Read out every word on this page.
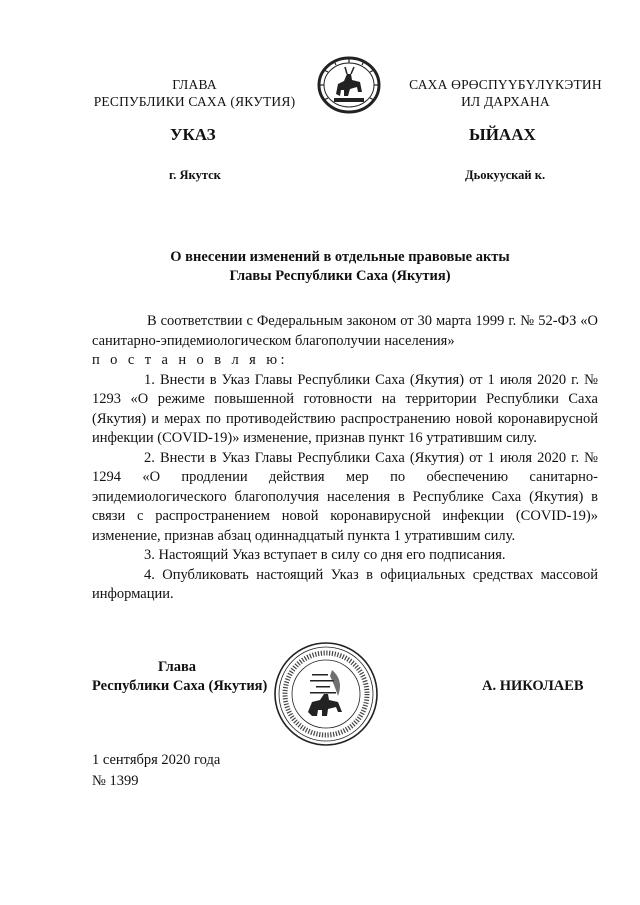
ГЛАВА
РЕСПУБЛИКИ САХА (ЯКУТИЯ)
САХА ӨРӨСПҮҮБҮЛҮКЭТИН
ИЛ ДАРХАНА
УКАЗ	ЫЙААХ
г. Якутск	Дьокуускай к.
О внесении изменений в отдельные правовые акты
Главы Республики Саха (Якутия)

В соответствии с Федеральным законом от 30 марта 1999 г. № 52-ФЗ «О санитарно-эпидемиологическом благополучии населения»

п о с т а н о в л я ю:

1. Внести в Указ Главы Республики Саха (Якутия) от 1 июля 2020 г. № 1293 «О режиме повышенной готовности на территории Республики Саха (Якутия) и мерах по противодействию распространению новой коронавирусной инфекции (COVID-19)» изменение, признав пункт 16 утратившим силу.

2. Внести в Указ Главы Республики Саха (Якутия) от 1 июля 2020 г. № 1294 «О продлении действия мер по обеспечению санитарно-эпидемиологического благополучия населения в Республике Саха (Якутия) в связи с распространением новой коронавирусной инфекции (COVID-19)» изменение, признав абзац одиннадцатый пункта 1 утратившим силу.

3. Настоящий Указ вступает в силу со дня его подписания.

4. Опубликовать настоящий Указ в официальных средствах массовой информации.

Глава
Республики Саха (Якутия)	А. НИКОЛАЕВ
1 сентября 2020 года
№ 1399
